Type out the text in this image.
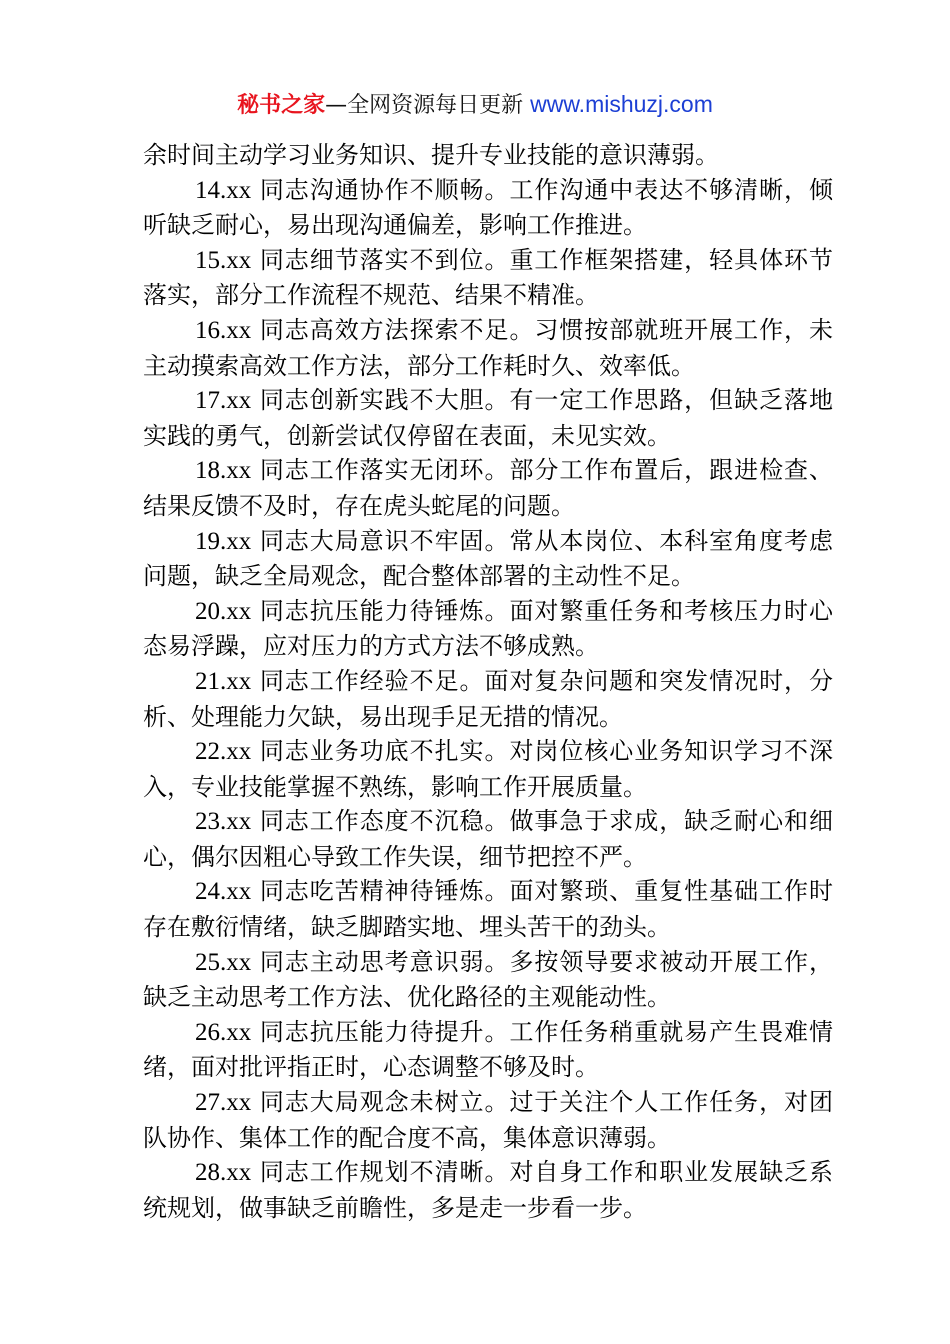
秘书之家—全网资源每日更新 www.mishuzj.com

余时间主动学习业务知识、提升专业技能的意识薄弱。

14.xx 同志沟通协作不顺畅。工作沟通中表达不够清晰，倾听缺乏耐心，易出现沟通偏差，影响工作推进。

15.xx 同志细节落实不到位。重工作框架搭建，轻具体环节落实，部分工作流程不规范、结果不精准。

16.xx 同志高效方法探索不足。习惯按部就班开展工作，未主动摸索高效工作方法，部分工作耗时久、效率低。

17.xx 同志创新实践不大胆。有一定工作思路，但缺乏落地实践的勇气，创新尝试仅停留在表面，未见实效。

18.xx 同志工作落实无闭环。部分工作布置后，跟进检查、结果反馈不及时，存在虎头蛇尾的问题。

19.xx 同志大局意识不牢固。常从本岗位、本科室角度考虑问题，缺乏全局观念，配合整体部署的主动性不足。

20.xx 同志抗压能力待锤炼。面对繁重任务和考核压力时心态易浮躁，应对压力的方式方法不够成熟。

21.xx 同志工作经验不足。面对复杂问题和突发情况时，分析、处理能力欠缺，易出现手足无措的情况。

22.xx 同志业务功底不扎实。对岗位核心业务知识学习不深入，专业技能掌握不熟练，影响工作开展质量。

23.xx 同志工作态度不沉稳。做事急于求成，缺乏耐心和细心，偶尔因粗心导致工作失误，细节把控不严。

24.xx 同志吃苦精神待锤炼。面对繁琐、重复性基础工作时存在敷衍情绪，缺乏脚踏实地、埋头苦干的劲头。

25.xx 同志主动思考意识弱。多按领导要求被动开展工作，缺乏主动思考工作方法、优化路径的主观能动性。

26.xx 同志抗压能力待提升。工作任务稍重就易产生畏难情绪，面对批评指正时，心态调整不够及时。

27.xx 同志大局观念未树立。过于关注个人工作任务，对团队协作、集体工作的配合度不高，集体意识薄弱。

28.xx 同志工作规划不清晰。对自身工作和职业发展缺乏系统规划，做事缺乏前瞻性，多是走一步看一步。
